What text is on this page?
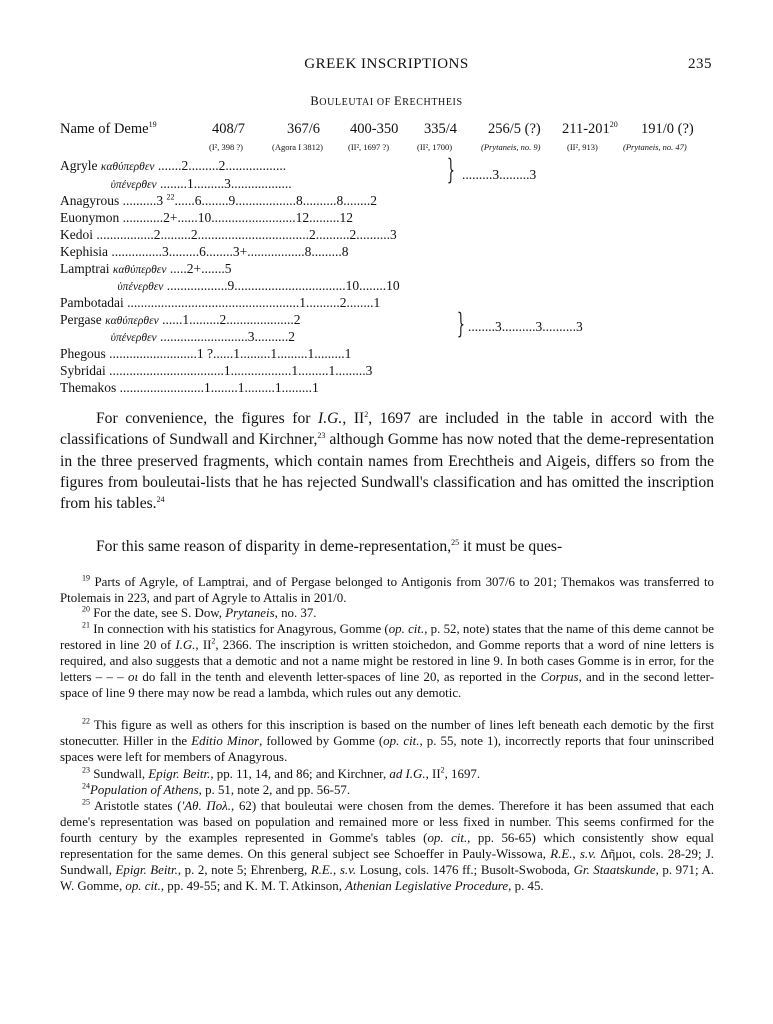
GREEK INSCRIPTIONS	235
BOULEUTAI OF ERECHTHEIS
Name of Deme$^{19}$	408/7	367/6 400-350 335/4 256/5 (?) $211-201^{20}$ 191/0 (?)
(I², 398 ?)	(Agora I 3812)	(II², 1697 ?)	(II², 1700)	(Prytaneis, no. 9)	(II², 913)	(Prytaneis, no. 47)
Agryle καθύπερθεν .......2.........2..................
ὑπένερθεν ........1.........3..................	} .........3.........3
Anagyrous ..........3 $^{22}$......6........9..................8..........8........2
Euonymon ............2+......10.........................12.........12
Kedoi .................2.........2.................................2..........2..........3
Kephisia ...............3.........6........3+.................8.........8
Lamptrai καθύπερθεν .....2+.......5
ὑπένερθεν ..................9.................................10........10
Pambotadai ...................................................1..........2........1
Pergase καθύπερθεν ......1.........2....................2
ὑπένερθεν ..........................3..........2	} ........3..........3..........3
Phegous ..........................1 ?......1.........1.........1.........1
Sybridai ..................................1..................1.........1.........3
Themakos .........................1........1.........1.........1

For convenience, the figures for I.G., $II^2$, 1697 are included in the table in accord with the classifications of Sundwall and Kirchner,$^{23}$ although Gomme has now noted that the deme-representation in the three preserved fragments, which contain names from Erechtheis and Aigeis, differs so from the figures from bouleutai-lists that he has rejected Sundwall's classification and has omitted the inscription from his tables.$^{24}$

For this same reason of disparity in deme-representation,$^{25}$ it must be ques-

$^{19}$ Parts of Agryle, of Lamptrai, and of Pergase belonged to Antigonis from 307/6 to 201; Themakos was transferred to Ptolemais in 223, and part of Agryle to Attalis in 201/0.

$^{20}$ For the date, see S. Dow, Prytaneis, no. 37.

$^{21}$ In connection with his statistics for Anagyrous, Gomme (op. cit., p. 52, note) states that the name of this deme cannot be restored in line 20 of I.G., $II^2$, 2366. The inscription is written stoichedon, and Gomme reports that a word of nine letters is required, and also suggests that a demotic and not a name might be restored in line 9. In both cases Gomme is in error, for the letters – – – οι do fall in the tenth and eleventh letter-spaces of line 20, as reported in the Corpus, and in the second letter-space of line 9 there may now be read a lambda, which rules out any demotic.

$^{22}$ This figure as well as others for this inscription is based on the number of lines left beneath each demotic by the first stonecutter. Hiller in the Editio Minor, followed by Gomme (op. cit., p. 55, note 1), incorrectly reports that four uninscribed spaces were left for members of Anagyrous.

$^{23}$ Sundwall, Epigr. Beitr., pp. 11, 14, and 86; and Kirchner, ad I.G., $II^2$, 1697.

$^{24}$Population of Athens, p. 51, note 2, and pp. 56-57.

$^{25}$ Aristotle states ('Αθ. Πολ., 62) that bouleutai were chosen from the demes. Therefore it has been assumed that each deme's representation was based on population and remained more or less fixed in number. This seems confirmed for the fourth century by the examples represented in Gomme's tables (op. cit., pp. 56-65) which consistently show equal representation for the same demes. On this general subject see Schoeffer in Pauly-Wissowa, R.E., s.v. Δῆμοι, cols. 28-29; J. Sundwall, Epigr. Beitr., p. 2, note 5; Ehrenberg, R.E., s.v. Losung, cols. 1476 ff.; Busolt-Swoboda, Gr. Staatskunde, p. 971; A. W. Gomme, op. cit., pp. 49-55; and K. M. T. Atkinson, Athenian Legislative Procedure, p. 45.
